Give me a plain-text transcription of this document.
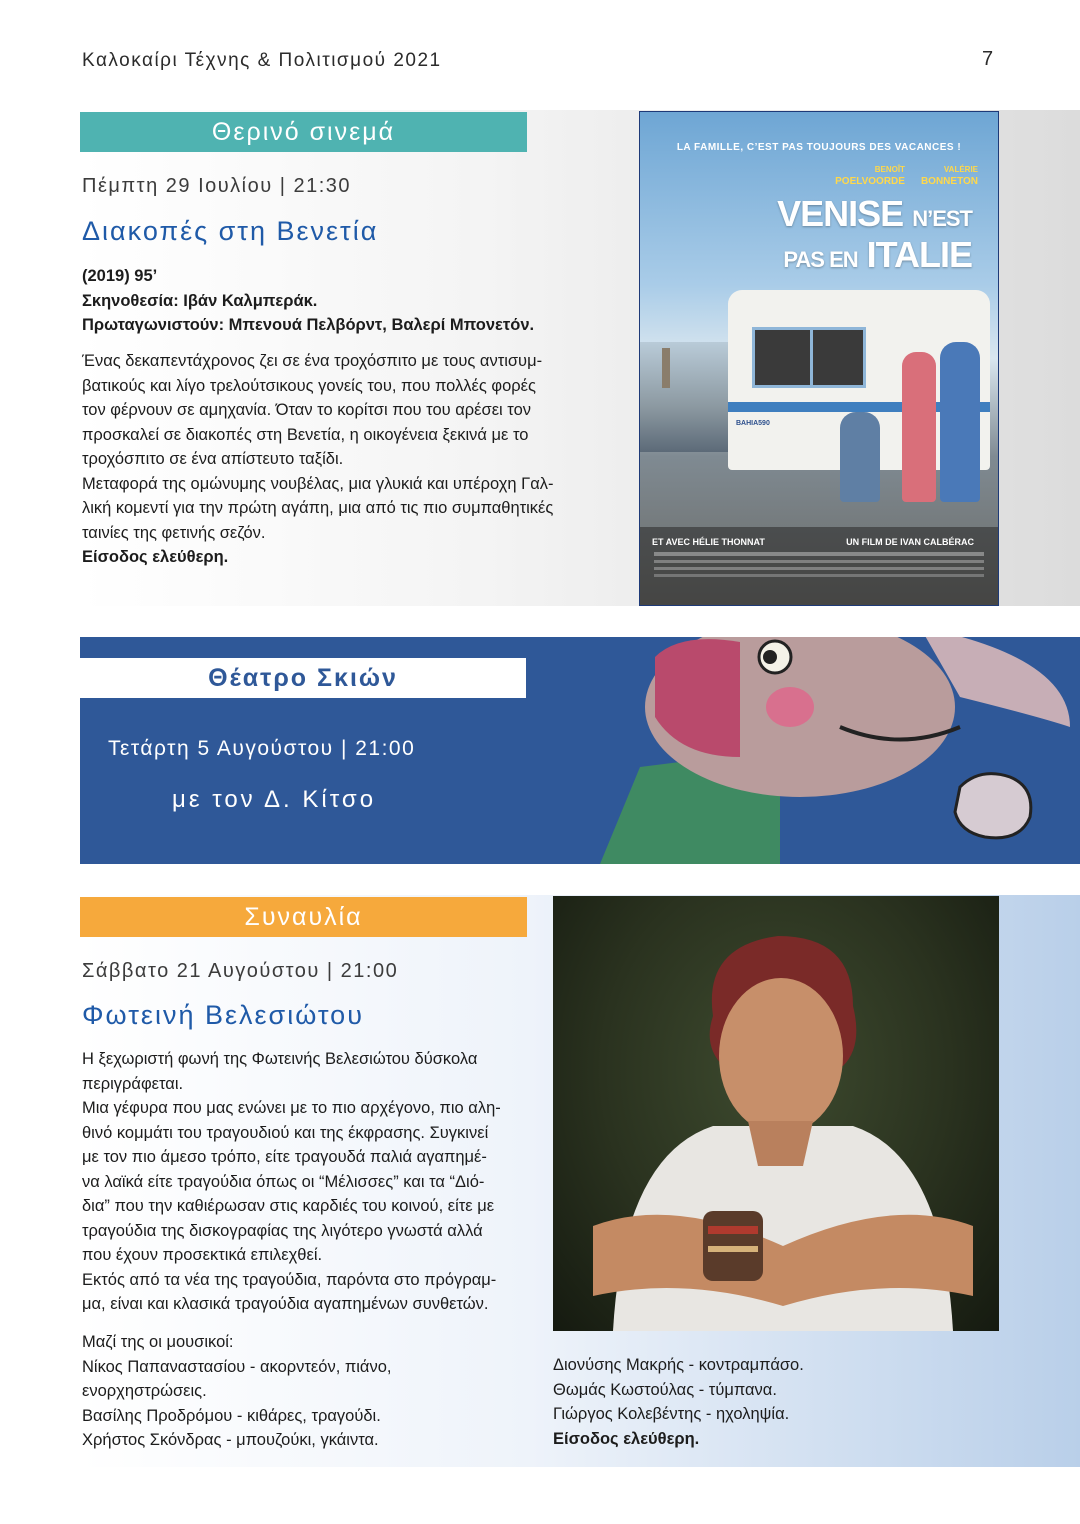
Καλοκαίρι Τέχνης & Πολιτισμού 2021	7
Θερινό σινεμά
Πέμπτη 29 Ιουλίου | 21:30
Διακοπές στη Βενετία
(2019) 95’
Σκηνοθεσία: Ιβάν Καλμπεράκ.
Πρωταγωνιστούν: Μπενουά Πελβόρντ, Βαλερί Μπονετόν.
Ένας δεκαπεντάχρονος ζει σε ένα τροχόσπιτο με τους αντισυμ-
βατικούς και λίγο τρελούτσικους γονείς του, που πολλές φορές
τον φέρνουν σε αμηχανία. Όταν το κορίτσι που του αρέσει τον
προσκαλεί σε διακοπές στη Βενετία, η οικογένεια ξεκινά με το
τροχόσπιτο σε ένα απίστευτο ταξίδι.
Μεταφορά της ομώνυμης νουβέλας, μια γλυκιά και υπέροχη Γαλ-
λική κομεντί για την πρώτη αγάπη, μια από τις πιο συμπαθητικές
ταινίες της φετινής σεζόν.
Είσοδος ελεύθερη.
LA FAMILLE, C’EST PAS TOUJOURS DES VACANCES !
BENOÎT
POELVOORDE
VALÉRIE
BONNETON
VENISE N’EST
PAS EN ITALIE
ΒΑΗΙΑ590
ET AVEC HÉLIE THONNAT	UN FILM DE IVAN CALBÉRAC
Θέατρο Σκιών
Τετάρτη 5 Αυγούστου | 21:00
με τον Δ. Κίτσο
Συναυλία
Σάββατο 21 Αυγούστου | 21:00
Φωτεινή Βελεσιώτου
Η ξεχωριστή φωνή της Φωτεινής Βελεσιώτου δύσκολα
περιγράφεται.
Μια γέφυρα που μας ενώνει με το πιο αρχέγονο, πιο αλη-
θινό κομμάτι του τραγουδιού και της έκφρασης. Συγκινεί
με τον πιο άμεσο τρόπο, είτε τραγουδά παλιά αγαπημέ-
να λαϊκά είτε τραγούδια όπως οι “Μέλισσες” και τα “Διό-
δια” που την καθιέρωσαν στις καρδιές του κοινού, είτε με
τραγούδια της δισκογραφίας της λιγότερο γνωστά αλλά
που έχουν προσεκτικά επιλεχθεί.
Εκτός από τα νέα της τραγούδια, παρόντα στο πρόγραμ-
μα, είναι και κλασικά τραγούδια αγαπημένων συνθετών.
Μαζί της οι μουσικοί:
Νίκος Παπαναστασίου - ακορντεόν, πιάνο,
ενορχηστρώσεις.
Βασίλης Προδρόμου - κιθάρες, τραγούδι.
Χρήστος Σκόνδρας - μπουζούκι, γκάιντα.
Διονύσης Μακρής - κοντραμπάσο.
Θωμάς Κωστούλας - τύμπανα.
Γιώργος Κολεβέντης - ηχοληψία.
Είσοδος ελεύθερη.
